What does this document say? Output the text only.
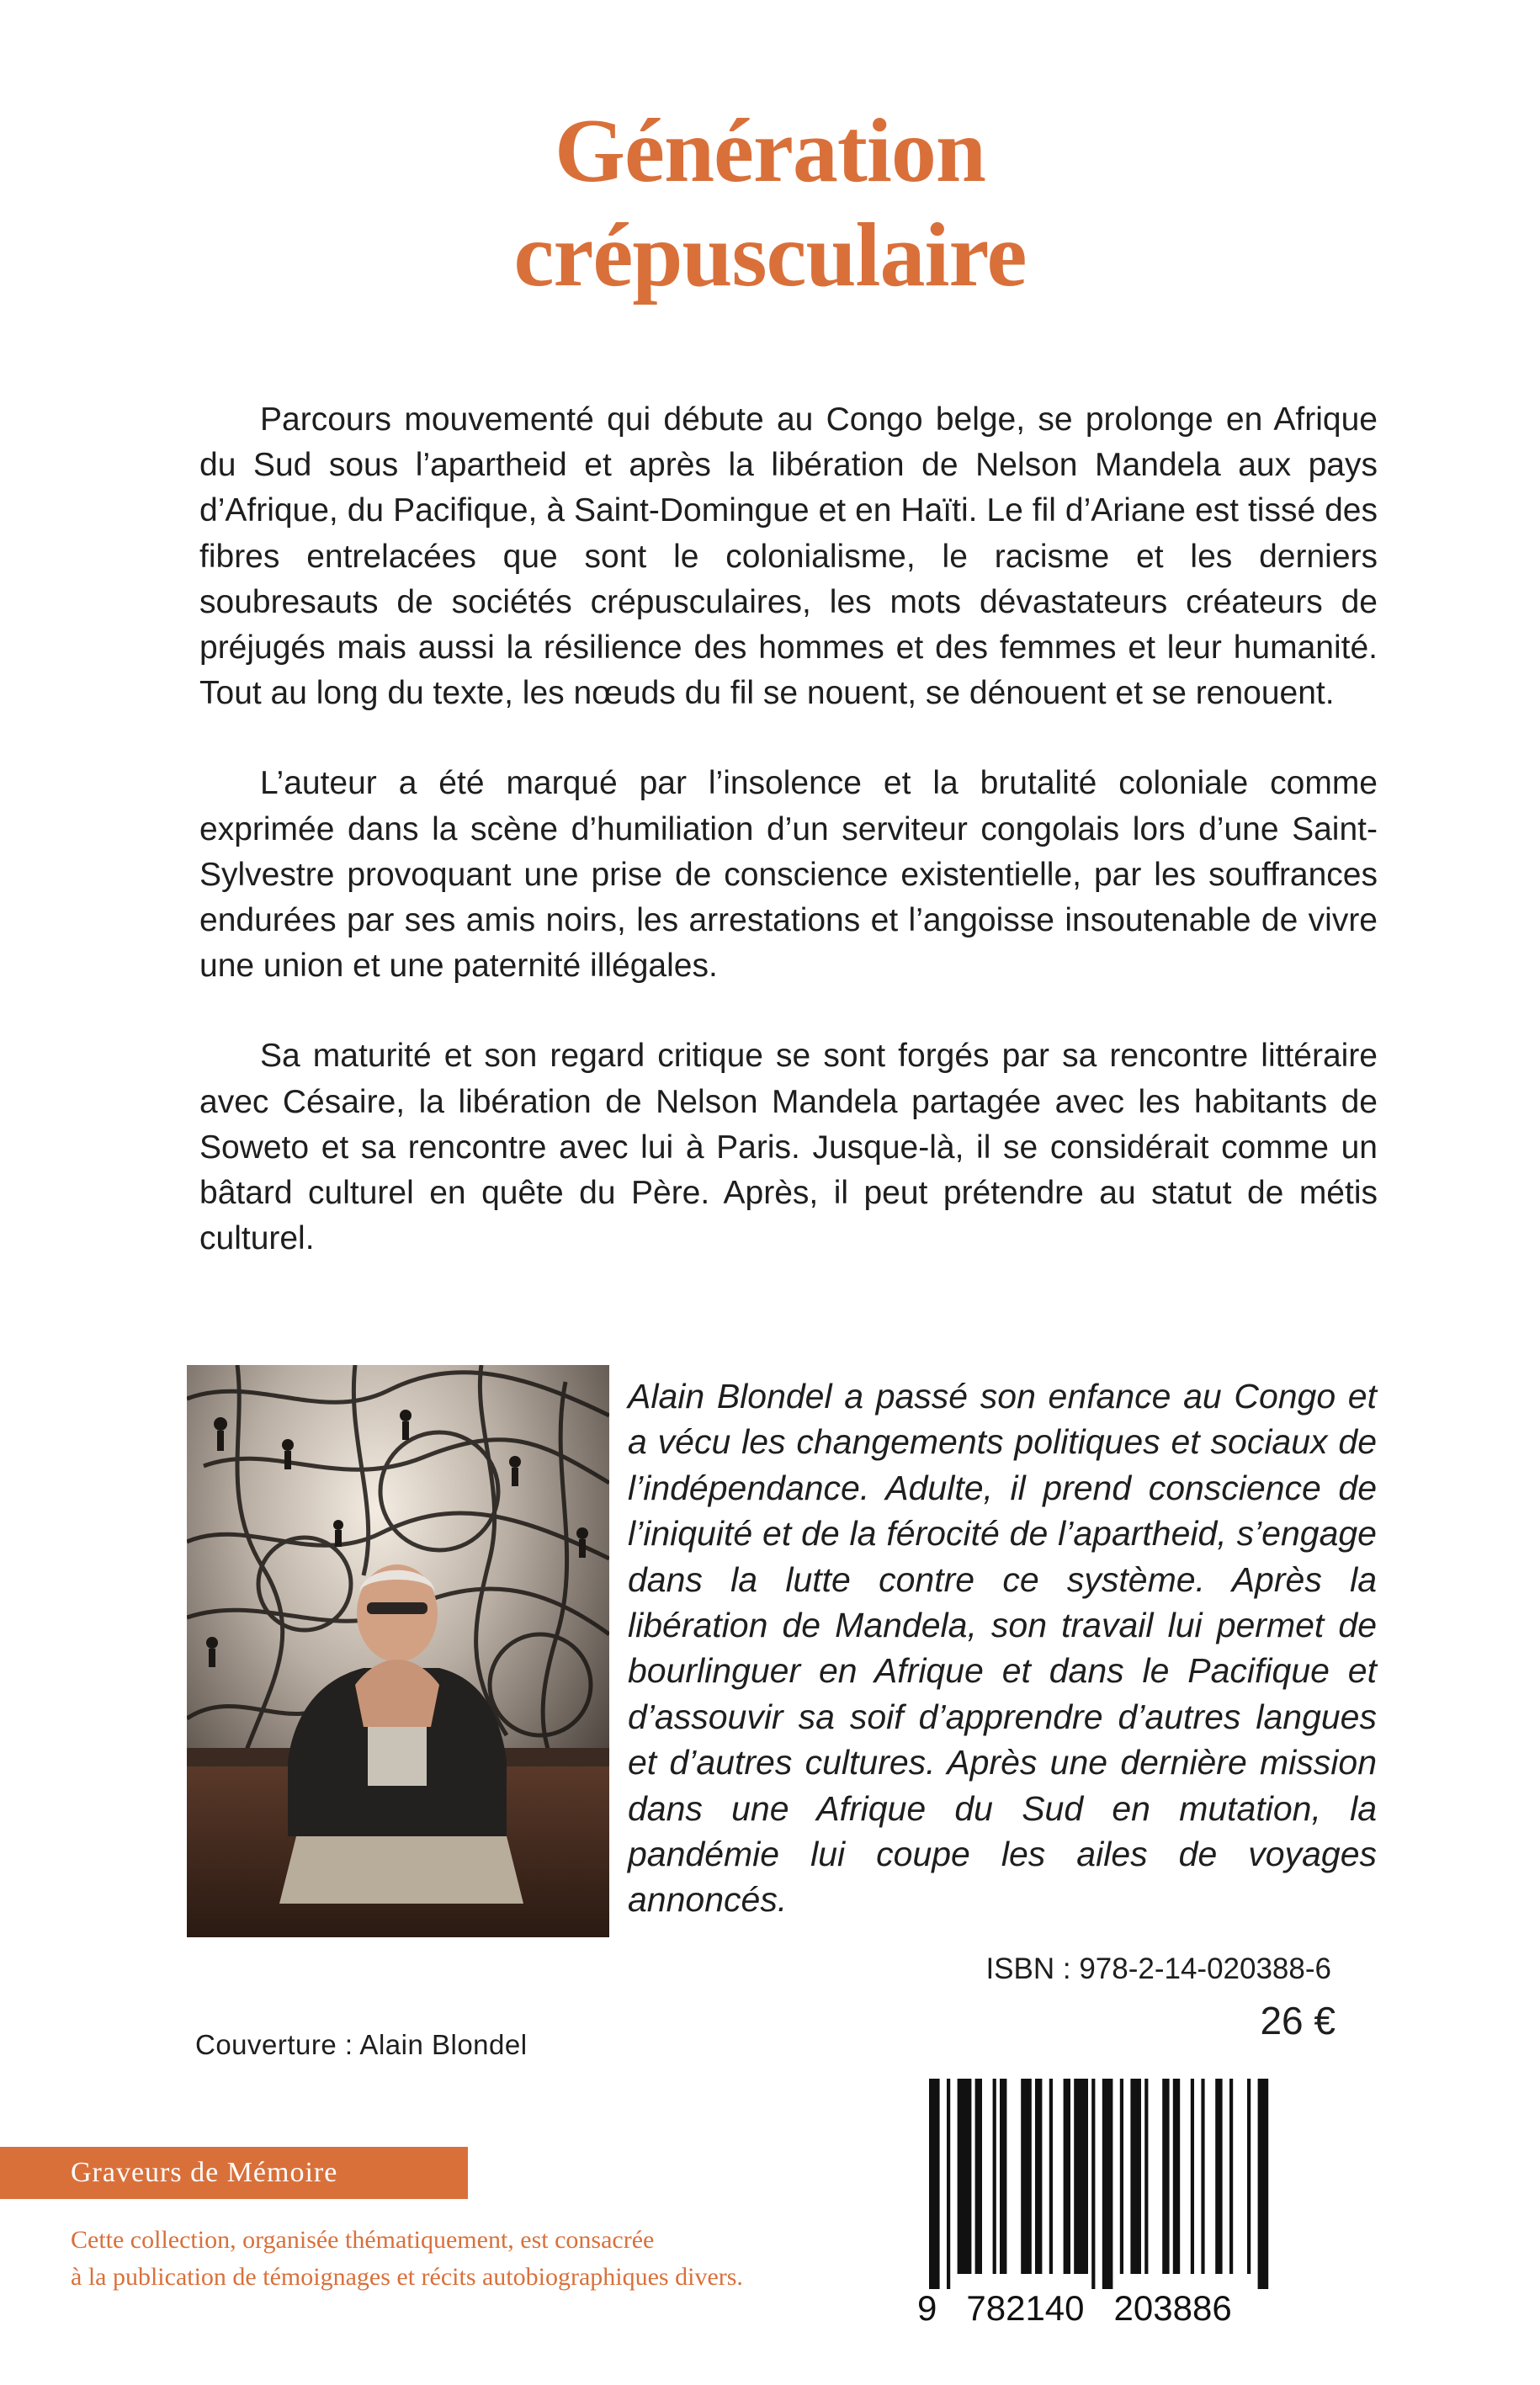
Génération
crépusculaire

Parcours mouvementé qui débute au Congo belge, se prolonge en Afrique du Sud sous l’apartheid et après la libération de Nelson Mandela aux pays d’Afrique, du Pacifique, à Saint-Domingue et en Haïti. Le fil d’Ariane est tissé des fibres entrelacées que sont le colonialisme, le racisme et les derniers soubresauts de sociétés crépusculaires, les mots dévastateurs créateurs de préjugés mais aussi la résilience des hommes et des femmes et leur humanité. Tout au long du texte, les nœuds du fil se nouent, se dénouent et se renouent.

L’auteur a été marqué par l’insolence et la brutalité coloniale comme exprimée dans la scène d’humiliation d’un serviteur congolais lors d’une Saint-Sylvestre provoquant une prise de conscience existentielle, par les souffrances endurées par ses amis noirs, les arrestations et l’angoisse insoutenable de vivre une union et une paternité illégales.

Sa maturité et son regard critique se sont forgés par sa rencontre littéraire avec Césaire, la libération de Nelson Mandela partagée avec les habitants de Soweto et sa rencontre avec lui à Paris. Jusque-là, il se considérait comme un bâtard culturel en quête du Père. Après, il peut prétendre au statut de métis culturel.

Alain Blondel a passé son enfance au Congo et a vécu les changements politiques et sociaux de l’indépendance. Adulte, il prend conscience de l’iniquité et de la férocité de l’apartheid, s’engage dans la lutte contre ce système. Après la libération de Mandela, son travail lui permet de bourlinguer en Afrique et dans le Pacifique et d’assouvir sa soif d’apprendre d’autres langues et d’autres cultures. Après une dernière mission dans une Afrique du Sud en mutation, la pandémie lui coupe les ailes de voyages annoncés.

ISBN : 978-2-14-020388-6

26 €

Couverture : Alain Blondel

Graveurs de Mémoire

Cette collection, organisée thématiquement, est consacrée
à la publication de témoignages et récits autobiographiques divers.

9   782140   203886
